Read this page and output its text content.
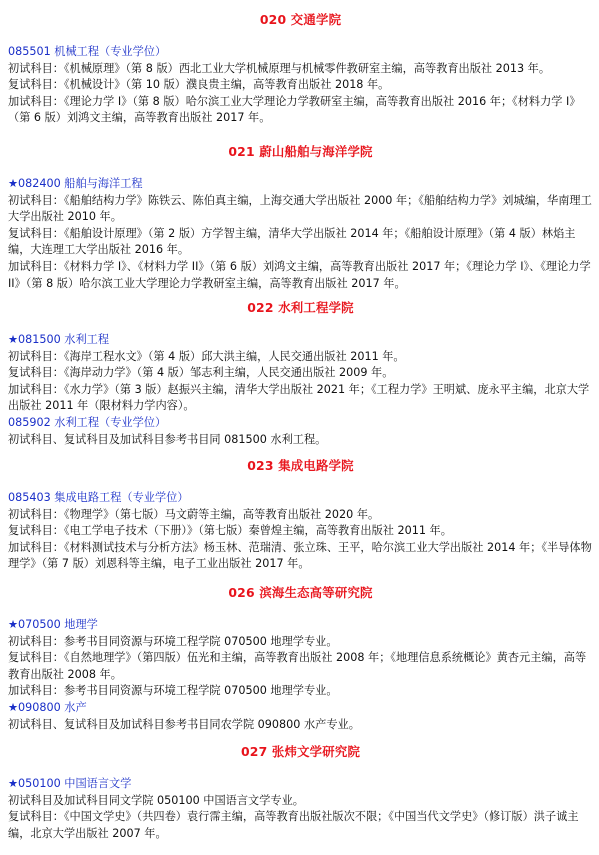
020 交通学院
085501 机械工程（专业学位）
初试科目：《机械原理》（第 8 版）西北工业大学机械原理与机械零件教研室主编，高等教育出版社 2013 年。
复试科目：《机械设计》（第 10 版）濮良贵主编，高等教育出版社 2018 年。
加试科目：《理论力学 I》（第 8 版）哈尔滨工业大学理论力学教研室主编，高等教育出版社 2016 年；《材料力学 I》（第 6 版）刘鸿文主编，高等教育出版社 2017 年。
021 蔚山船舶与海洋学院
★082400 船舶与海洋工程
初试科目：《船舶结构力学》陈铁云、陈伯真主编，上海交通大学出版社 2000 年；《船舶结构力学》刘城编，华南理工大学出版社 2010 年。
复试科目：《船舶设计原理》（第 2 版）方学智主编，清华大学出版社 2014 年；《船舶设计原理》（第 4 版）林焰主编，大连理工大学出版社 2016 年。
加试科目：《材料力学 I》、《材料力学 II》（第 6 版）刘鸿文主编，高等教育出版社 2017 年；《理论力学 I》、《理论力学 II》（第 8 版）哈尔滨工业大学理论力学教研室主编，高等教育出版社 2017 年。
022 水利工程学院
★081500 水利工程
初试科目：《海岸工程水文》（第 4 版）邱大洪主编，人民交通出版社 2011 年。
复试科目：《海岸动力学》（第 4 版）邹志利主编，人民交通出版社 2009 年。
加试科目：《水力学》（第 3 版）赵振兴主编，清华大学出版社 2021 年；《工程力学》王明斌、庞永平主编，北京大学出版社 2011 年（限材料力学内容）。
085902 水利工程（专业学位）
初试科目、复试科目及加试科目参考书目同 081500 水利工程。
023 集成电路学院
085403 集成电路工程（专业学位）
初试科目：《物理学》（第七版）马文蔚等主编，高等教育出版社 2020 年。
复试科目：《电工学电子技术（下册）》（第七版）秦曾煌主编，高等教育出版社 2011 年。
加试科目：《材料测试技术与分析方法》杨玉林、范瑞清、张立珠、王平，哈尔滨工业大学出版社 2014 年；《半导体物理学》（第 7 版）刘恩科等主编，电子工业出版社 2017 年。
026 滨海生态高等研究院
★070500 地理学
初试科目：参考书目同资源与环境工程学院 070500 地理学专业。
复试科目：《自然地理学》（第四版）伍光和主编，高等教育出版社 2008 年；《地理信息系统概论》黄杏元主编，高等教育出版社 2008 年。
加试科目：参考书目同资源与环境工程学院 070500 地理学专业。
★090800 水产
初试科目、复试科目及加试科目参考书目同农学院 090800 水产专业。
027 张炜文学研究院
★050100 中国语言文学
初试科目及加试科目同文学院 050100 中国语言文学专业。
复试科目：《中国文学史》（共四卷）袁行霈主编，高等教育出版社版次不限；《中国当代文学史》（修订版）洪子诚主编，北京大学出版社 2007 年。
